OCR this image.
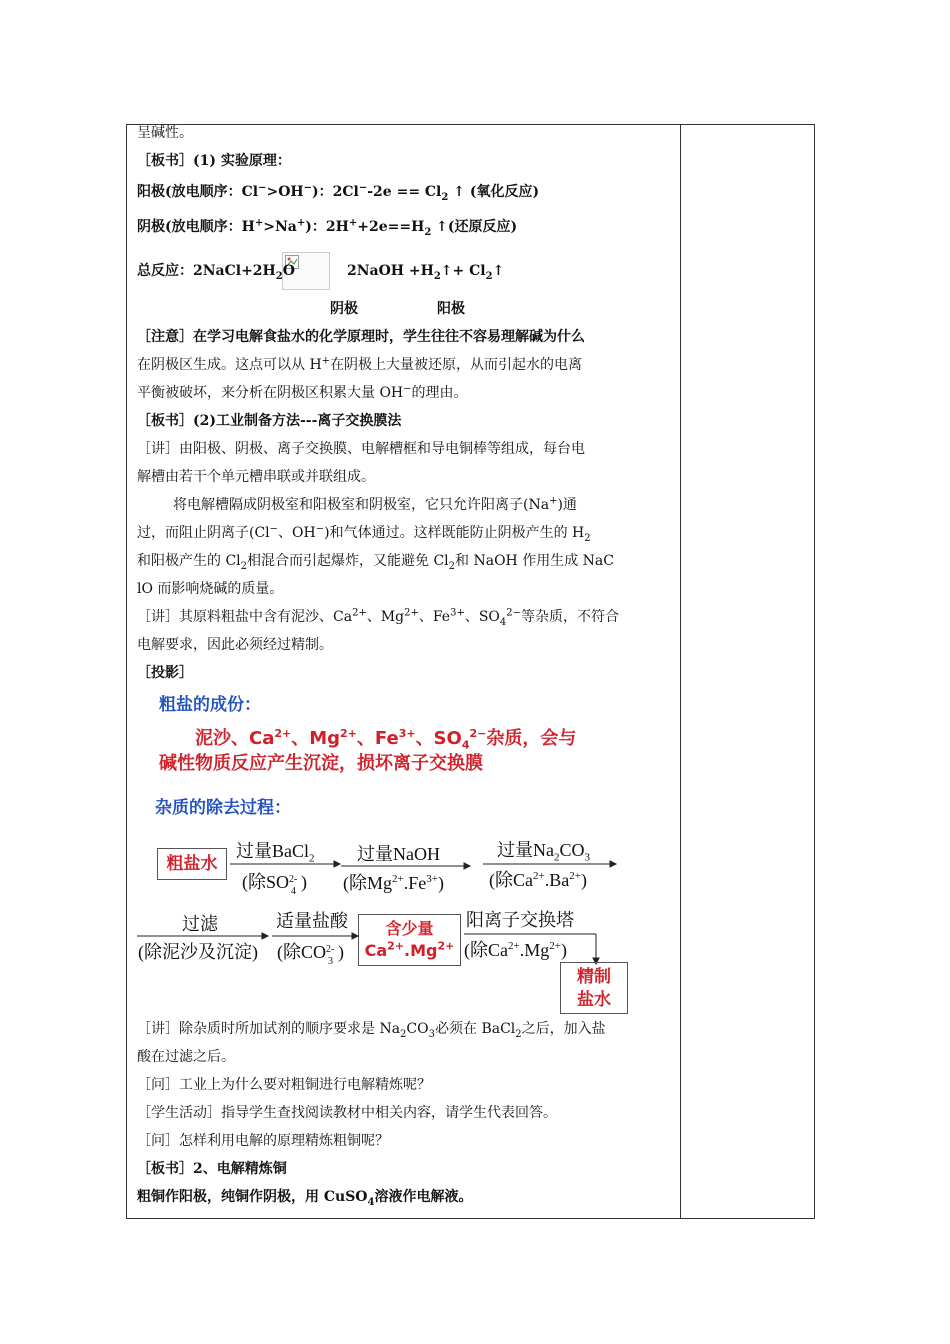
呈碱性。
［板书］(1) 实验原理：
阳极(放电顺序：Cl−>OH−)：$2Cl^--2e == Cl_2$ ↑ (氧化反应)
阴极(放电顺序：H+>Na+)：$2H^++2e==H_2$ ↑(还原反应)
总反应：$2NaCl+2H_2O$	2NaOH $+H_2↑+$ $Cl_2↑$
阴极	阳极
［注意］在学习电解食盐水的化学原理时，学生往往不容易理解碱为什么
在阴极区生成。这点可以从 H+在阴极上大量被还原，从而引起水的电离
平衡被破坏，来分析在阴极区积累大量 OH−的理由。
［板书］(2)工业制备方法---离子交换膜法
［讲］由阳极、阴极、离子交换膜、电解槽框和导电铜棒等组成，每台电
解槽由若干个单元槽串联或并联组成。
将电解槽隔成阴极室和阳极室和阴极室，它只允许阳离子(Na+)通
过，而阻止阴离子(Cl−、OH−)和气体通过。这样既能防止阴极产生的 $H_2$
和阳极产生的 $Cl_2$相混合而引起爆炸，又能避免 $Cl_2$和 NaOH 作用生成 NaC
lO 而影响烧碱的质量。
［讲］其原料粗盐中含有泥沙、$Ca^{2+}$、$Mg^{2+}$、$Fe^{3+}$、$SO_4^{2-}$等杂质，不符合
电解要求，因此必须经过精制。
［投影］
粗盐的成份：
泥沙、$Ca^{2+}$、$Mg^{2+}$、$Fe^{3+}$、$SO_4^{2-}$杂质，会与
碱性物质反应产生沉淀，损坏离子交换膜
杂质的除去过程：
［讲］除杂质时所加试剂的顺序要求是 $Na_2CO_3$必须在 BaCl$_2$之后，加入盐
酸在过滤之后。
［问］工业上为什么要对粗铜进行电解精炼呢？
［学生活动］指导学生查找阅读教材中相关内容，请学生代表回答。
［问］怎样利用电解的原理精炼粗铜呢？
［板书］2、电解精炼铜
粗铜作阳极，纯铜作阴极，用 CuSO$_4$溶液作电解液。
粗盐水
过量BaCl$_2$
(除SO 2-
4 )
过量NaOH
(除$Mg^{2+}.Fe^{3+}$)
过量$Na_2CO_3$
(除$Ca^{2+}.Ba^{2+}$)
过滤
(除泥沙及沉淀)
适量盐酸
(除CO 2-
3 )
含少量
$Ca^{2+}.Mg^{2+}$
阳离子交换塔
(除$Ca^{2+}.Mg^{2+}$)
精制
盐水
